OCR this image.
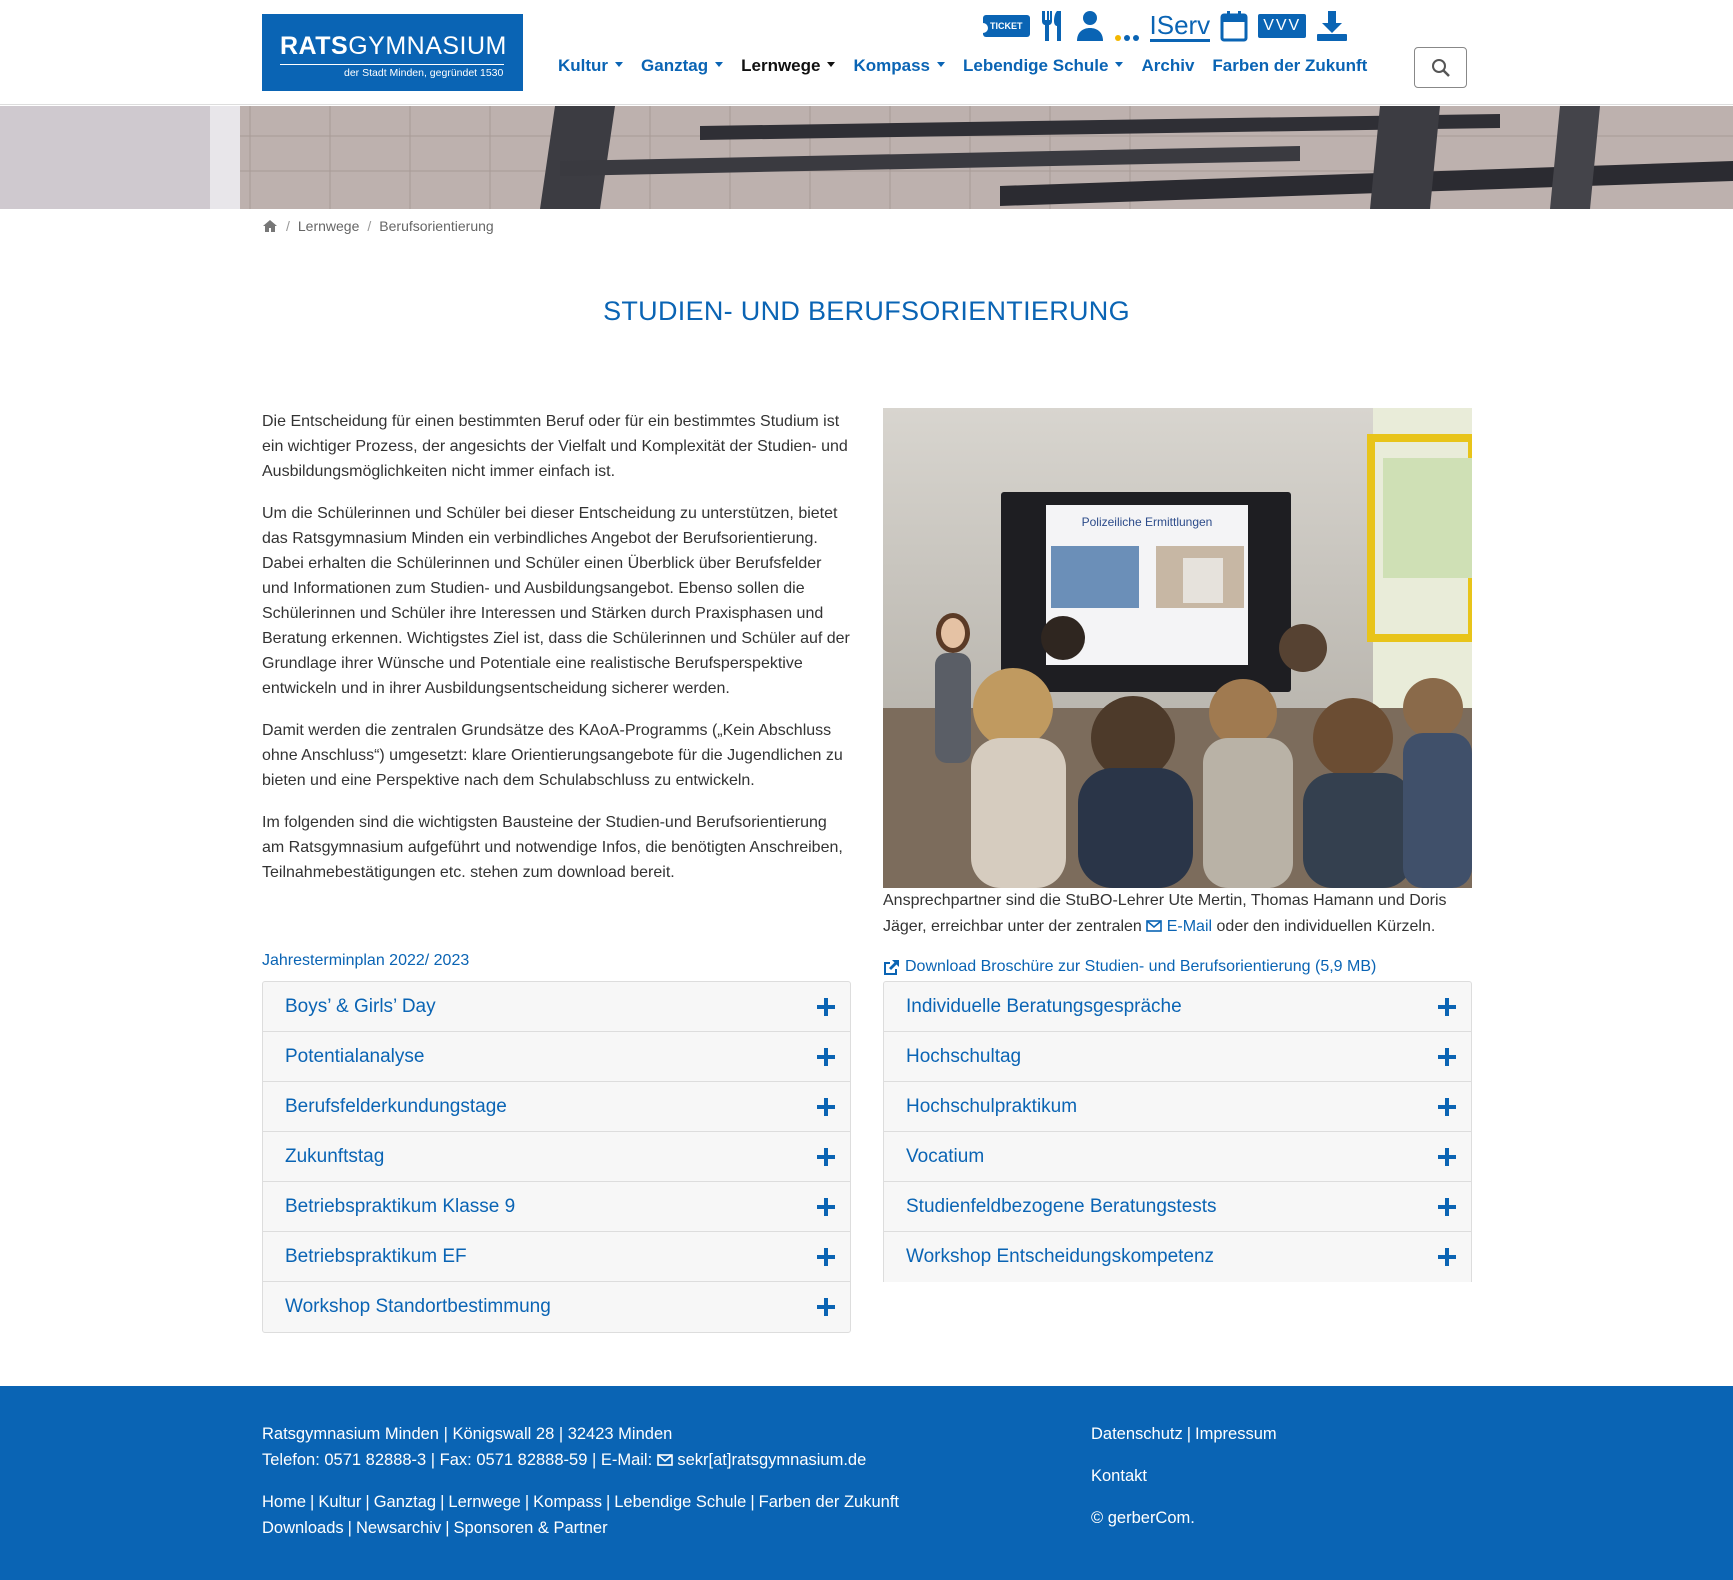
RATSGYMNASIUM
der Stadt Minden, gegründet 1530
TICKET	IServ	VVV
Kultur	Ganztag	Lernwege	Kompass	Lebendige Schule	Archiv Farben der Zukunft
/ Lernwege / Berufsorientierung
STUDIEN- UND BERUFSORIENTIERUNG

Die Entscheidung für einen bestimmten Beruf oder für ein bestimmtes Studium ist ein wichtiger Prozess, der angesichts der Vielfalt und Komplexität der Studien- und Ausbildungsmöglichkeiten nicht immer einfach ist.

Um die Schülerinnen und Schüler bei dieser Entscheidung zu unterstützen, bietet das Ratsgymnasium Minden ein verbindliches Angebot der Berufsorientierung. Dabei erhalten die Schülerinnen und Schüler einen Überblick über Berufsfelder und Informationen zum Studien- und Ausbildungsangebot. Ebenso sollen die Schülerinnen und Schüler ihre Interessen und Stärken durch Praxisphasen und Beratung erkennen. Wichtigstes Ziel ist, dass die Schülerinnen und Schüler auf der Grundlage ihrer Wünsche und Potentiale eine realistische Berufsperspektive entwickeln und in ihrer Ausbildungsentscheidung sicherer werden.

Damit werden die zentralen Grundsätze des KAoA-Programms („Kein Abschluss ohne Anschluss“) umgesetzt: klare Orientierungsangebote für die Jugendlichen zu bieten und eine Perspektive nach dem Schulabschluss zu entwickeln.

Im folgenden sind die wichtigsten Bausteine der Studien-und Berufsorientierung am Ratsgymnasium aufgeführt und notwendige Infos, die benötigten Anschreiben, Teilnahmebestätigungen etc. stehen zum download bereit.

Jahresterminplan 2022/ 2023
Polizeiliche Ermittlungen
Ansprechpartner sind die StuBO-Lehrer Ute Mertin, Thomas Hamann und Doris Jäger, erreichbar unter der zentralen E-Mail oder den individuellen Kürzeln.
Download Broschüre zur Studien- und Berufsorientierung (5,9 MB)
Boys’ & Girls’ Day
Potentialanalyse
Berufsfelderkundungstage
Zukunftstag
Betriebspraktikum Klasse 9
Betriebspraktikum EF
Workshop Standortbestimmung
Individuelle Beratungsgespräche
Hochschultag
Hochschulpraktikum
Vocatium
Studienfeldbezogene Beratungstests
Workshop Entscheidungskompetenz
Ratsgymnasium Minden | Königswall 28 | 32423 Minden
Telefon: 0571 82888-3 | Fax: 0571 82888-59 | E-Mail: sekr[at]ratsgymnasium.de
Home | Kultur | Ganztag | Lernwege | Kompass | Lebendige Schule | Farben der Zukunft
Downloads | Newsarchiv | Sponsoren & Partner
Datenschutz | Impressum
Kontakt
© gerberCom.
